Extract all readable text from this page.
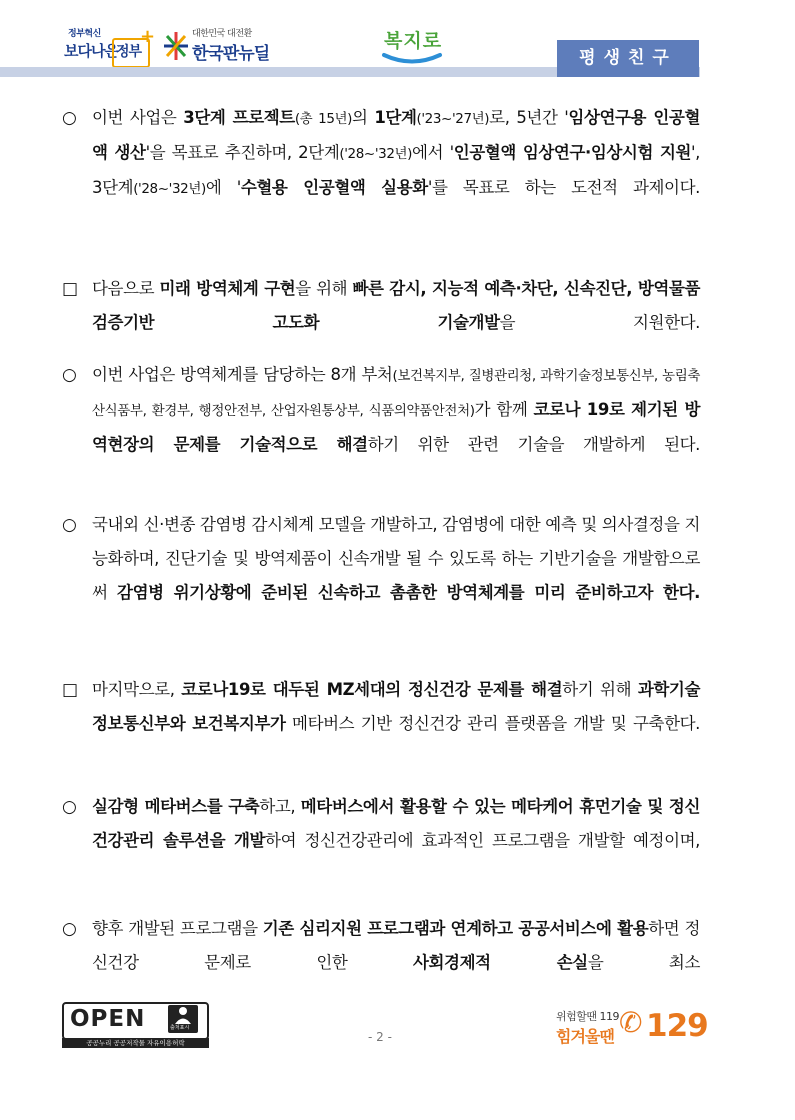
정부혁신
보다나은
정부
+	대한민국 대전환
한국판뉴딜
복지로
평생친구
○ 이번 사업은 3단계 프로젝트(총 15년)의 1단계('23~'27년)로, 5년간 '임상연구용 인공혈액 생산'을 목표로 추진하며, 2단계('28~'32년)에서 '인공혈액 임상연구·임상시험 지원', 3단계('28~'32년)에 '수혈용 인공혈액 실용화'를 목표로 하는 도전적 과제이다.
□ 다음으로 미래 방역체계 구현을 위해 빠른 감시, 지능적 예측·차단, 신속진단, 방역물품 검증기반 고도화 기술개발을 지원한다.
○ 이번 사업은 방역체계를 담당하는 8개 부처(보건복지부, 질병관리청, 과학기술정보통신부, 농림축산식품부, 환경부, 행정안전부, 산업자원통상부, 식품의약품안전처)가 함께 코로나 19로 제기된 방역현장의 문제를 기술적으로 해결하기 위한 관련 기술을 개발하게 된다.
○ 국내외 신·변종 감염병 감시체계 모델을 개발하고, 감염병에 대한 예측 및 의사결정을 지능화하며, 진단기술 및 방역제품이 신속개발 될 수 있도록 하는 기반기술을 개발함으로써 감염병 위기상황에 준비된 신속하고 촘촘한 방역체계를 미리 준비하고자 한다.
□ 마지막으로, 코로나19로 대두된 MZ세대의 정신건강 문제를 해결하기 위해 과학기술정보통신부와 보건복지부가 메타버스 기반 정신건강 관리 플랫폼을 개발 및 구축한다.
○ 실감형 메타버스를 구축하고, 메타버스에서 활용할 수 있는 메타케어 휴먼기술 및 정신건강관리 솔루션을 개발하여 정신건강관리에 효과적인 프로그램을 개발할 예정이며,
○ 향후 개발된 프로그램을 기존 심리지원 프로그램과 연계하고 공공서비스에 활용하면 정신건강 문제로 인한 사회경제적 손실을 최소
OPEN	출처표시
공공누리 공공저작물 자유이용허락	- 2 -
위험할땐 119
힘겨울땐 ✆ 129
